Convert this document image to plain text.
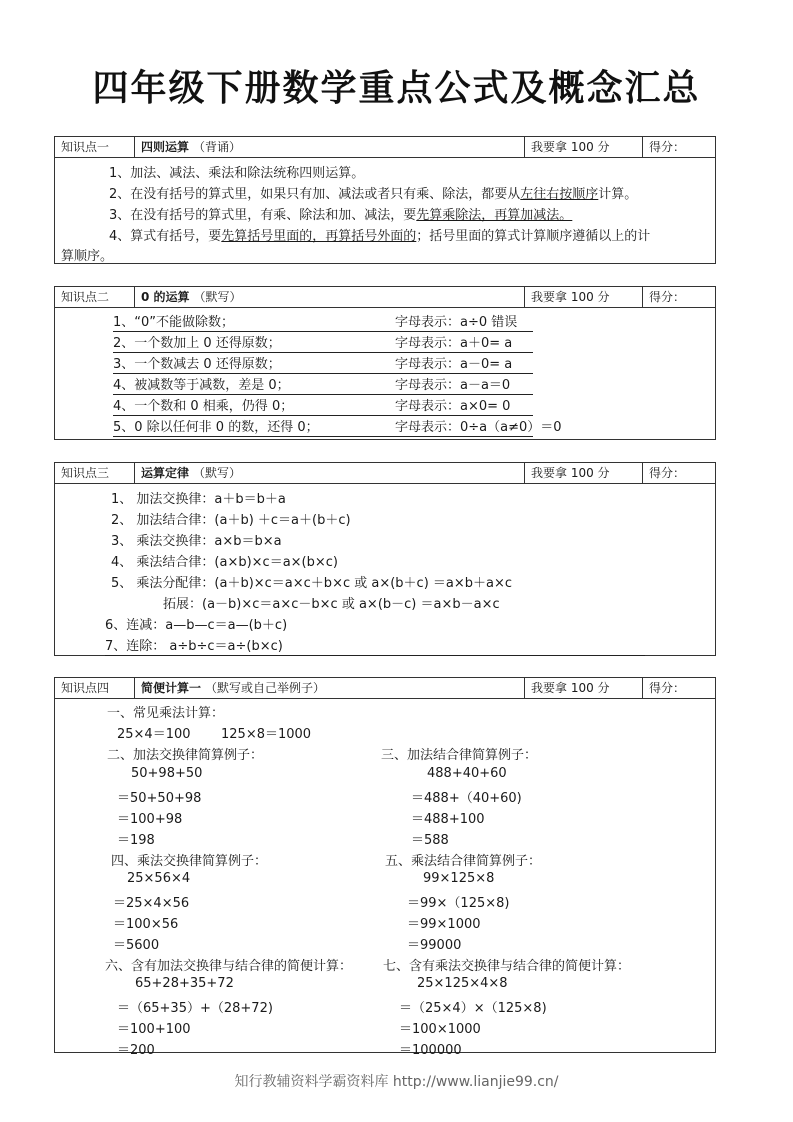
四年级下册数学重点公式及概念汇总
知识点一	四则运算 （背诵）	我要拿 100 分	得分：
1、加法、减法、乘法和除法统称四则运算。
2、在没有括号的算式里，如果只有加、减法或者只有乘、除法，都要从左往右按顺序计算。
3、在没有括号的算式里，有乘、除法和加、减法，要先算乘除法，再算加减法。
4、算式有括号，要先算括号里面的，再算括号外面的；括号里面的算式计算顺序遵循以上的计
算顺序。
知识点二	0 的运算 （默写）	我要拿 100 分	得分：
1、“0”不能做除数；	字母表示：a÷0 错误
2、一个数加上 0 还得原数；	字母表示：a＋0= a
3、一个数减去 0 还得原数；	字母表示：a－0= a
4、被减数等于减数，差是 0；	字母表示：a－a＝0
4、一个数和 0 相乘，仍得 0；	字母表示：a×0= 0
5、0 除以任何非 0 的数，还得 0；	字母表示：0÷a（a≠0）＝0
知识点三	运算定律 （默写）	我要拿 100 分	得分：
1、 加法交换律：a＋b＝b＋a
2、 加法结合律：(a＋b) ＋c＝a＋(b＋c)
3、 乘法交换律：a×b＝b×a
4、 乘法结合律：(a×b)×c＝a×(b×c)
5、 乘法分配律：(a＋b)×c＝a×c＋b×c 或 a×(b＋c) ＝a×b＋a×c
拓展：(a－b)×c＝a×c－b×c 或 a×(b－c) ＝a×b－a×c
6、连减：a—b—c＝a—(b＋c)
7、连除： a÷b÷c＝a÷(b×c)
知识点四	简便计算一 （默写或自己举例子）	我要拿 100 分	得分：
一、常见乘法计算：
25×4＝100 125×8＝1000
二、加法交换律简算例子：
50+98+50
＝50+50+98
＝100+98
＝198
三、加法结合律简算例子：
488+40+60
＝488+（40+60)
＝488+100
＝588
四、乘法交换律简算例子：
25×56×4
＝25×4×56
＝100×56
＝5600
五、乘法结合律简算例子：
99×125×8
＝99×（125×8)
＝99×1000
＝99000
六、含有加法交换律与结合律的简便计算：
65+28+35+72
＝（65+35）+（28+72)
＝100+100
＝200
七、含有乘法交换律与结合律的简便计算：
25×125×4×8
＝（25×4）×（125×8)
＝100×1000
＝100000
知行教辅资料学霸资料库 http://www.lianjie99.cn/
